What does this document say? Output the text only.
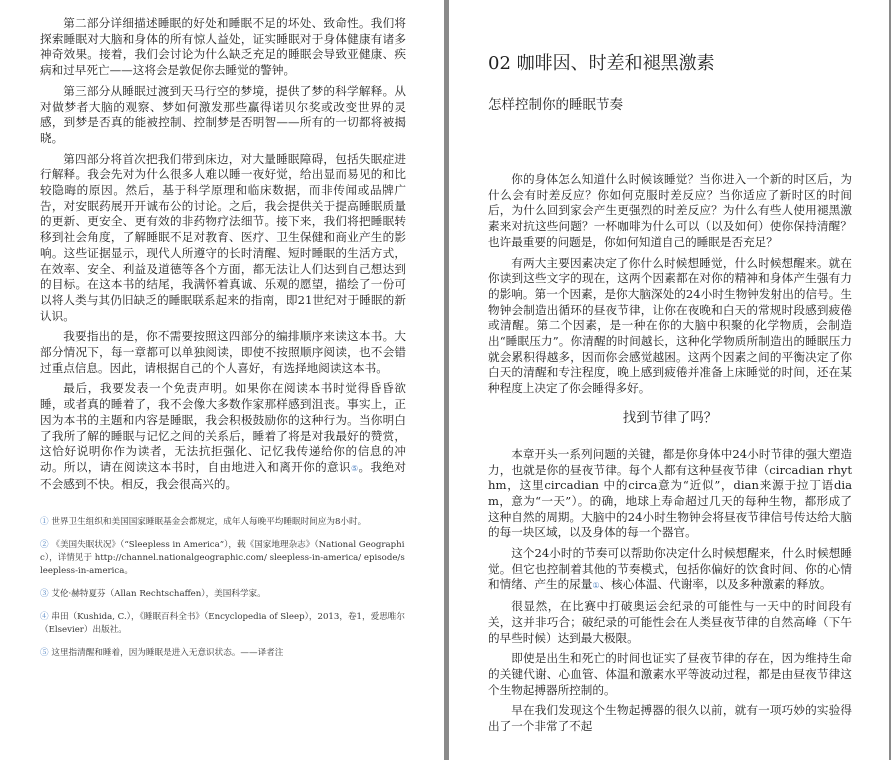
第二部分详细描述睡眠的好处和睡眠不足的坏处、致命性。我们将探索睡眠对大脑和身体的所有惊人益处，证实睡眠对于身体健康有诸多神奇效果。接着，我们会讨论为什么缺乏充足的睡眠会导致亚健康、疾病和过早死亡——这将会是敦促你去睡觉的警钟。

第三部分从睡眠过渡到天马行空的梦境，提供了梦的科学解释。从对做梦者大脑的观察、梦如何激发那些赢得诺贝尔奖或改变世界的灵感，到梦是否真的能被控制、控制梦是否明智——所有的一切都将被揭晓。

第四部分将首次把我们带到床边，对大量睡眠障碍，包括失眠症进行解释。我会先对为什么很多人难以睡一夜好觉，给出显而易见的和比较隐晦的原因。然后，基于科学原理和临床数据，而非传闻或品牌广告，对安眠药展开开诚布公的讨论。之后，我会提供关于提高睡眠质量的更新、更安全、更有效的非药物疗法细节。接下来，我们将把睡眠转移到社会角度，了解睡眠不足对教育、医疗、卫生保健和商业产生的影响。这些证据显示，现代人所遵守的长时清醒、短时睡眠的生活方式，在效率、安全、利益及道德等各个方面，都无法让人们达到自己想达到的目标。在这本书的结尾，我满怀着真诚、乐观的愿望，描绘了一份可以将人类与其仍旧缺乏的睡眠联系起来的指南，即21世纪对于睡眠的新认识。

我要指出的是，你不需要按照这四部分的编排顺序来读这本书。大部分情况下，每一章都可以单独阅读，即使不按照顺序阅读，也不会错过重点信息。因此，请根据自己的个人喜好，有选择地阅读这本书。

最后，我要发表一个免责声明。如果你在阅读本书时觉得昏昏欲睡，或者真的睡着了，我不会像大多数作家那样感到沮丧。事实上，正因为本书的主题和内容是睡眠，我会积极鼓励你的这种行为。当你明白了我所了解的睡眠与记忆之间的关系后，睡着了将是对我最好的赞赏，这恰好说明你作为读者，无法抗拒强化、记忆我传递给你的信息的冲动。所以，请在阅读这本书时，自由地进入和离开你的意识⑤。我绝对不会感到不快。相反，我会很高兴的。

① 世界卫生组织和美国国家睡眠基金会都规定，成年人每晚平均睡眠时间应为8小时。

② 《美国失眠状况》（“Sleepless in America”），载《国家地理杂志》（National Geographic），详情见于 http://channel.nationalgeographic.com/ sleepless-in-america/ episode/sleepless-in-america。

③ 艾伦·赫特夏芬（Allan Rechtschaffen），美国科学家。

④ 串田（Kushida, C.），《睡眠百科全书》（Encyclopedia of Sleep），2013，卷1，爱思唯尔（Elsevier）出版社。

⑤ 这里指清醒和睡着，因为睡眠是进入无意识状态。——译者注

02 咖啡因、时差和褪黑激素
怎样控制你的睡眠节奏

你的身体怎么知道什么时候该睡觉？当你进入一个新的时区后，为什么会有时差反应？你如何克服时差反应？当你适应了新时区的时间后，为什么回到家会产生更强烈的时差反应？为什么有些人使用褪黑激素来对抗这些问题？一杯咖啡为什么可以（以及如何）使你保持清醒？也许最重要的问题是，你如何知道自己的睡眠是否充足？

有两大主要因素决定了你什么时候想睡觉，什么时候想醒来。就在你读到这些文字的现在，这两个因素都在对你的精神和身体产生强有力的影响。第一个因素，是你大脑深处的24小时生物钟发射出的信号。生物钟会制造出循环的昼夜节律，让你在夜晚和白天的常规时段感到疲倦或清醒。第二个因素，是一种在你的大脑中积聚的化学物质，会制造出“睡眠压力”。你清醒的时间越长，这种化学物质所制造出的睡眠压力就会累积得越多，因而你会感觉越困。这两个因素之间的平衡决定了你白天的清醒和专注程度，晚上感到疲倦并准备上床睡觉的时间，还在某种程度上决定了你会睡得多好。

找到节律了吗？

本章开头一系列问题的关键，都是你身体中24小时节律的强大塑造力，也就是你的昼夜节律。每个人都有这种昼夜节律（circadian rhythm，这里circadian 中的circa意为“近似”，dian来源于拉丁语diam，意为“一天”）。的确，地球上寿命超过几天的每种生物，都形成了这种自然的周期。大脑中的24小时生物钟会将昼夜节律信号传达给大脑的每一块区域，以及身体的每一个器官。

这个24小时的节奏可以帮助你决定什么时候想醒来，什么时候想睡觉。但它也控制着其他的节奏模式，包括你偏好的饮食时间、你的心情和情绪、产生的尿量①、核心体温、代谢率，以及多种激素的释放。

很显然，在比赛中打破奥运会纪录的可能性与一天中的时间段有关，这并非巧合；破纪录的可能性会在人类昼夜节律的自然高峰（下午的早些时候）达到最大极限。

即使是出生和死亡的时间也证实了昼夜节律的存在，因为维持生命的关键代谢、心血管、体温和激素水平等波动过程，都是由昼夜节律这个生物起搏器所控制的。

早在我们发现这个生物起搏器的很久以前，就有一项巧妙的实验得出了一个非常了不起
